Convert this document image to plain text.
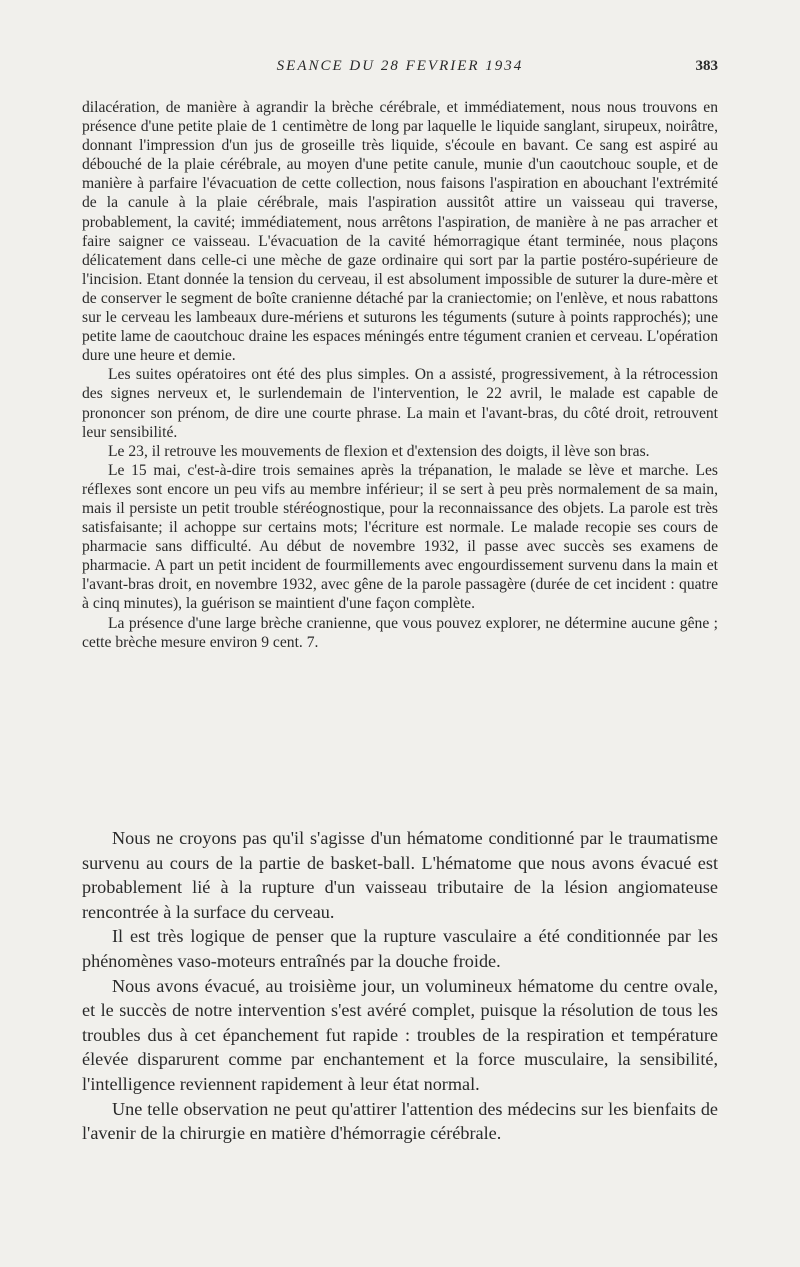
SEANCE DU 28 FEVRIER 1934	383

dilacération, de manière à agrandir la brèche cérébrale, et immédiatement, nous nous trouvons en présence d'une petite plaie de 1 centimètre de long par laquelle le liquide sanglant, sirupeux, noirâtre, donnant l'impression d'un jus de groseille très liquide, s'écoule en bavant. Ce sang est aspiré au débouché de la plaie cérébrale, au moyen d'une petite canule, munie d'un caoutchouc souple, et de manière à parfaire l'évacuation de cette collection, nous faisons l'aspiration en abouchant l'extrémité de la canule à la plaie cérébrale, mais l'aspiration aussitôt attire un vaisseau qui traverse, probablement, la cavité; immédiatement, nous arrêtons l'aspiration, de manière à ne pas arracher et faire saigner ce vaisseau. L'évacuation de la cavité hémorragique étant terminée, nous plaçons délicatement dans celle-ci une mèche de gaze ordinaire qui sort par la partie postéro-supérieure de l'incision. Etant donnée la tension du cerveau, il est absolument impossible de suturer la dure-mère et de conserver le segment de boîte cranienne détaché par la craniectomie; on l'enlève, et nous rabattons sur le cerveau les lambeaux dure-mériens et suturons les téguments (suture à points rapprochés); une petite lame de caoutchouc draine les espaces méningés entre tégument cranien et cerveau. L'opération dure une heure et demie.

Les suites opératoires ont été des plus simples. On a assisté, progressivement, à la rétrocession des signes nerveux et, le surlendemain de l'intervention, le 22 avril, le malade est capable de prononcer son prénom, de dire une courte phrase. La main et l'avant-bras, du côté droit, retrouvent leur sensibilité.

Le 23, il retrouve les mouvements de flexion et d'extension des doigts, il lève son bras.

Le 15 mai, c'est-à-dire trois semaines après la trépanation, le malade se lève et marche. Les réflexes sont encore un peu vifs au membre inférieur; il se sert à peu près normalement de sa main, mais il persiste un petit trouble stéréognostique, pour la reconnaissance des objets. La parole est très satisfaisante; il achoppe sur certains mots; l'écriture est normale. Le malade recopie ses cours de pharmacie sans difficulté. Au début de novembre 1932, il passe avec succès ses examens de pharmacie. A part un petit incident de fourmillements avec engourdissement survenu dans la main et l'avant-bras droit, en novembre 1932, avec gêne de la parole passagère (durée de cet incident : quatre à cinq minutes), la guérison se maintient d'une façon complète.

La présence d'une large brèche cranienne, que vous pouvez explorer, ne détermine aucune gêne ; cette brèche mesure environ 9 cent. 7.

Nous ne croyons pas qu'il s'agisse d'un hématome conditionné par le traumatisme survenu au cours de la partie de basket-ball. L'hématome que nous avons évacué est probablement lié à la rupture d'un vaisseau tributaire de la lésion angiomateuse rencontrée à la surface du cerveau.

Il est très logique de penser que la rupture vasculaire a été conditionnée par les phénomènes vaso-moteurs entraînés par la douche froide.

Nous avons évacué, au troisième jour, un volumineux hématome du centre ovale, et le succès de notre intervention s'est avéré complet, puisque la résolution de tous les troubles dus à cet épanchement fut rapide : troubles de la respiration et température élevée disparurent comme par enchantement et la force musculaire, la sensibilité, l'intelligence reviennent rapidement à leur état normal.

Une telle observation ne peut qu'attirer l'attention des médecins sur les bienfaits de l'avenir de la chirurgie en matière d'hémorragie cérébrale.
